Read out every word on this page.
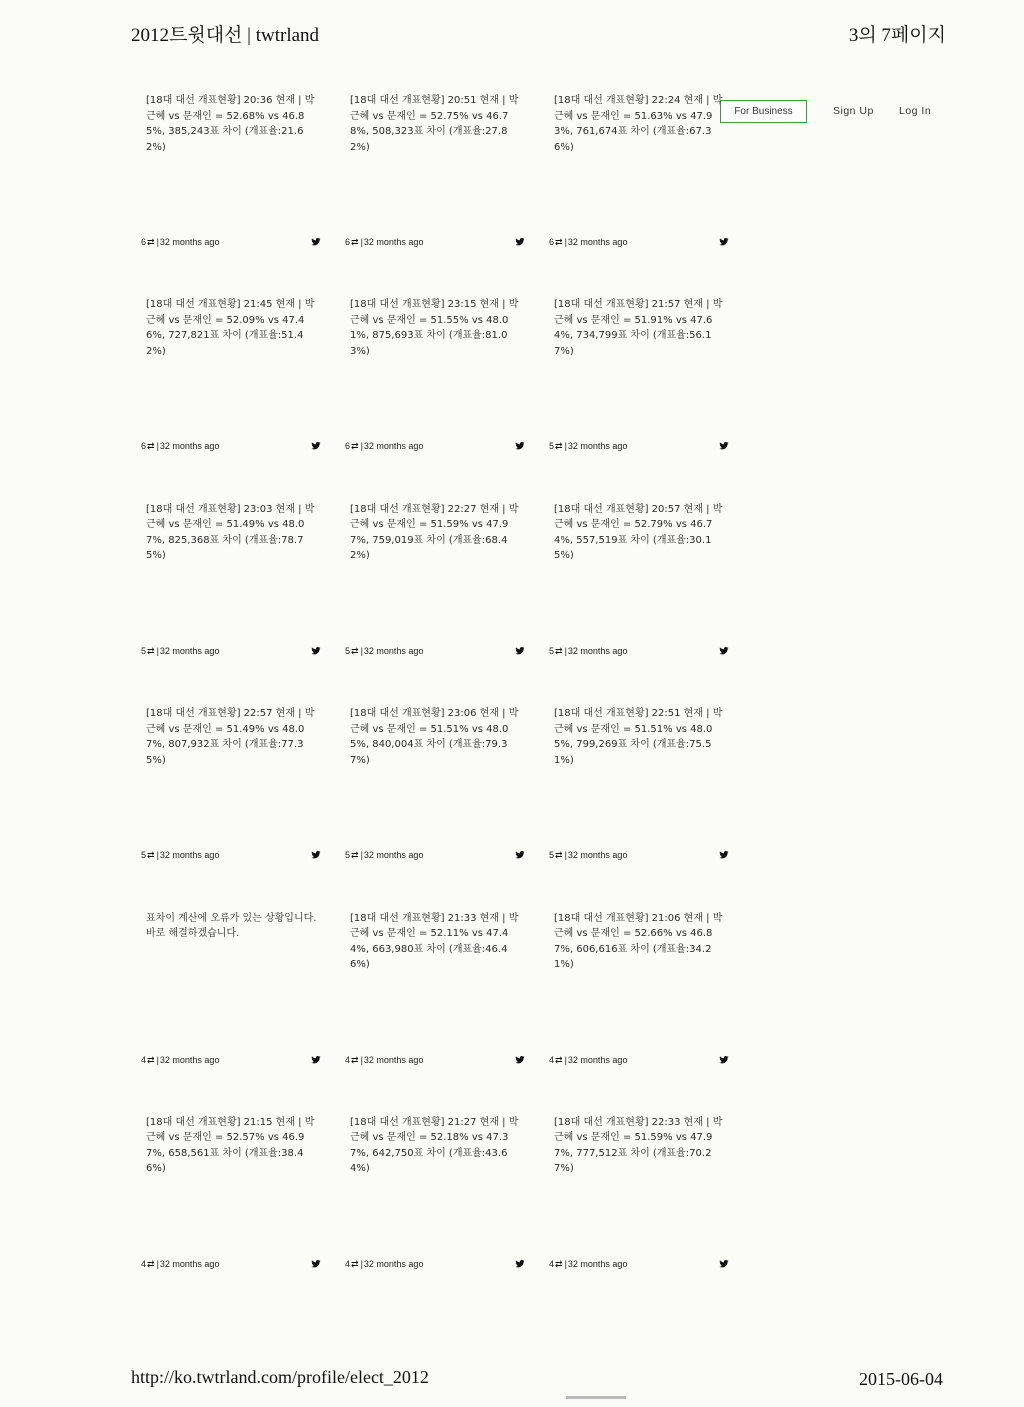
2012트윗대선 | twtrland	3의 7페이지
For Business	Sign Up Log In
[18대 대선 개표현황] 20:36 현재 | 박근혜 vs 문재인 = 52.68% vs 46.85%, 385,243표 차이 (개표율:21.62%)
6⇄ |32 months ago
[18대 대선 개표현황] 20:51 현재 | 박근혜 vs 문재인 = 52.75% vs 46.78%, 508,323표 차이 (개표율:27.82%)
6⇄ |32 months ago
[18대 대선 개표현황] 22:24 현재 | 박근혜 vs 문재인 = 51.63% vs 47.93%, 761,674표 차이 (개표율:67.36%)
6⇄ |32 months ago
[18대 대선 개표현황] 21:45 현재 | 박근혜 vs 문재인 = 52.09% vs 47.46%, 727,821표 차이 (개표율:51.42%)
6⇄ |32 months ago
[18대 대선 개표현황] 23:15 현재 | 박근혜 vs 문재인 = 51.55% vs 48.01%, 875,693표 차이 (개표율:81.03%)
6⇄ |32 months ago
[18대 대선 개표현황] 21:57 현재 | 박근혜 vs 문재인 = 51.91% vs 47.64%, 734,799표 차이 (개표율:56.17%)
5⇄ |32 months ago
[18대 대선 개표현황] 23:03 현재 | 박근혜 vs 문재인 = 51.49% vs 48.07%, 825,368표 차이 (개표율:78.75%)
5⇄ |32 months ago
[18대 대선 개표현황] 22:27 현재 | 박근혜 vs 문재인 = 51.59% vs 47.97%, 759,019표 차이 (개표율:68.42%)
5⇄ |32 months ago
[18대 대선 개표현황] 20:57 현재 | 박근혜 vs 문재인 = 52.79% vs 46.74%, 557,519표 차이 (개표율:30.15%)
5⇄ |32 months ago
[18대 대선 개표현황] 22:57 현재 | 박근혜 vs 문재인 = 51.49% vs 48.07%, 807,932표 차이 (개표율:77.35%)
5⇄ |32 months ago
[18대 대선 개표현황] 23:06 현재 | 박근혜 vs 문재인 = 51.51% vs 48.05%, 840,004표 차이 (개표율:79.37%)
5⇄ |32 months ago
[18대 대선 개표현황] 22:51 현재 | 박근혜 vs 문재인 = 51.51% vs 48.05%, 799,269표 차이 (개표율:75.51%)
5⇄ |32 months ago
표차이 계산에 오류가 있는 상황입니다. 바로 해결하겠습니다.
4⇄ |32 months ago
[18대 대선 개표현황] 21:33 현재 | 박근혜 vs 문재인 = 52.11% vs 47.44%, 663,980표 차이 (개표율:46.46%)
4⇄ |32 months ago
[18대 대선 개표현황] 21:06 현재 | 박근혜 vs 문재인 = 52.66% vs 46.87%, 606,616표 차이 (개표율:34.21%)
4⇄ |32 months ago
[18대 대선 개표현황] 21:15 현재 | 박근혜 vs 문재인 = 52.57% vs 46.97%, 658,561표 차이 (개표율:38.46%)
4⇄ |32 months ago
[18대 대선 개표현황] 21:27 현재 | 박근혜 vs 문재인 = 52.18% vs 47.37%, 642,750표 차이 (개표율:43.64%)
4⇄ |32 months ago
[18대 대선 개표현황] 22:33 현재 | 박근혜 vs 문재인 = 51.59% vs 47.97%, 777,512표 차이 (개표율:70.27%)
4⇄ |32 months ago
http://ko.twtrland.com/profile/elect_2012	2015-06-04
